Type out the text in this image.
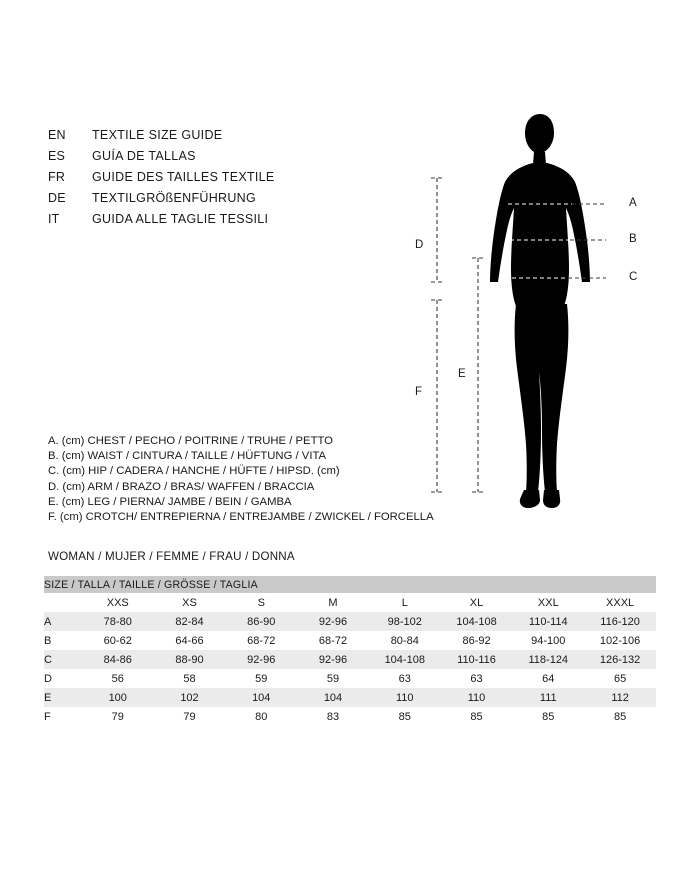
EN	TEXTILE SIZE GUIDE
ES	GUÍA DE TALLAS
FR	GUIDE DES TAILLES TEXTILE
DE	TEXTILGRÖßENFÜHRUNG
IT	GUIDA ALLE TAGLIE TESSILI
A
B
C
D
E
F
A. (cm) CHEST / PECHO / POITRINE / TRUHE / PETTO
B. (cm) WAIST / CINTURA / TAILLE / HÜFTUNG / VITA
C. (cm) HIP / CADERA / HANCHE / HÜFTE / HIPSD. (cm)
D. (cm) ARM / BRAZO / BRAS/ WAFFEN / BRACCIA
E. (cm) LEG / PIERNA/ JAMBE / BEIN / GAMBA
F. (cm) CROTCH/ ENTREPIERNA / ENTREJAMBE / ZWICKEL / FORCELLA
WOMAN / MUJER / FEMME / FRAU / DONNA
SIZE / TALLA / TAILLE / GRÖSSE / TAGLIA								
	XXS	XS	S	M	L	XL	XXL	XXXL
A	78-80	82-84	86-90	92-96	98-102	104-108	110-114	116-120
B	60-62	64-66	68-72	68-72	80-84	86-92	94-100	102-106
C	84-86	88-90	92-96	92-96	104-108	110-116	118-124	126-132
D	56	58	59	59	63	63	64	65
E	100	102	104	104	110	110	111	112
F	79	79	80	83	85	85	85	85
